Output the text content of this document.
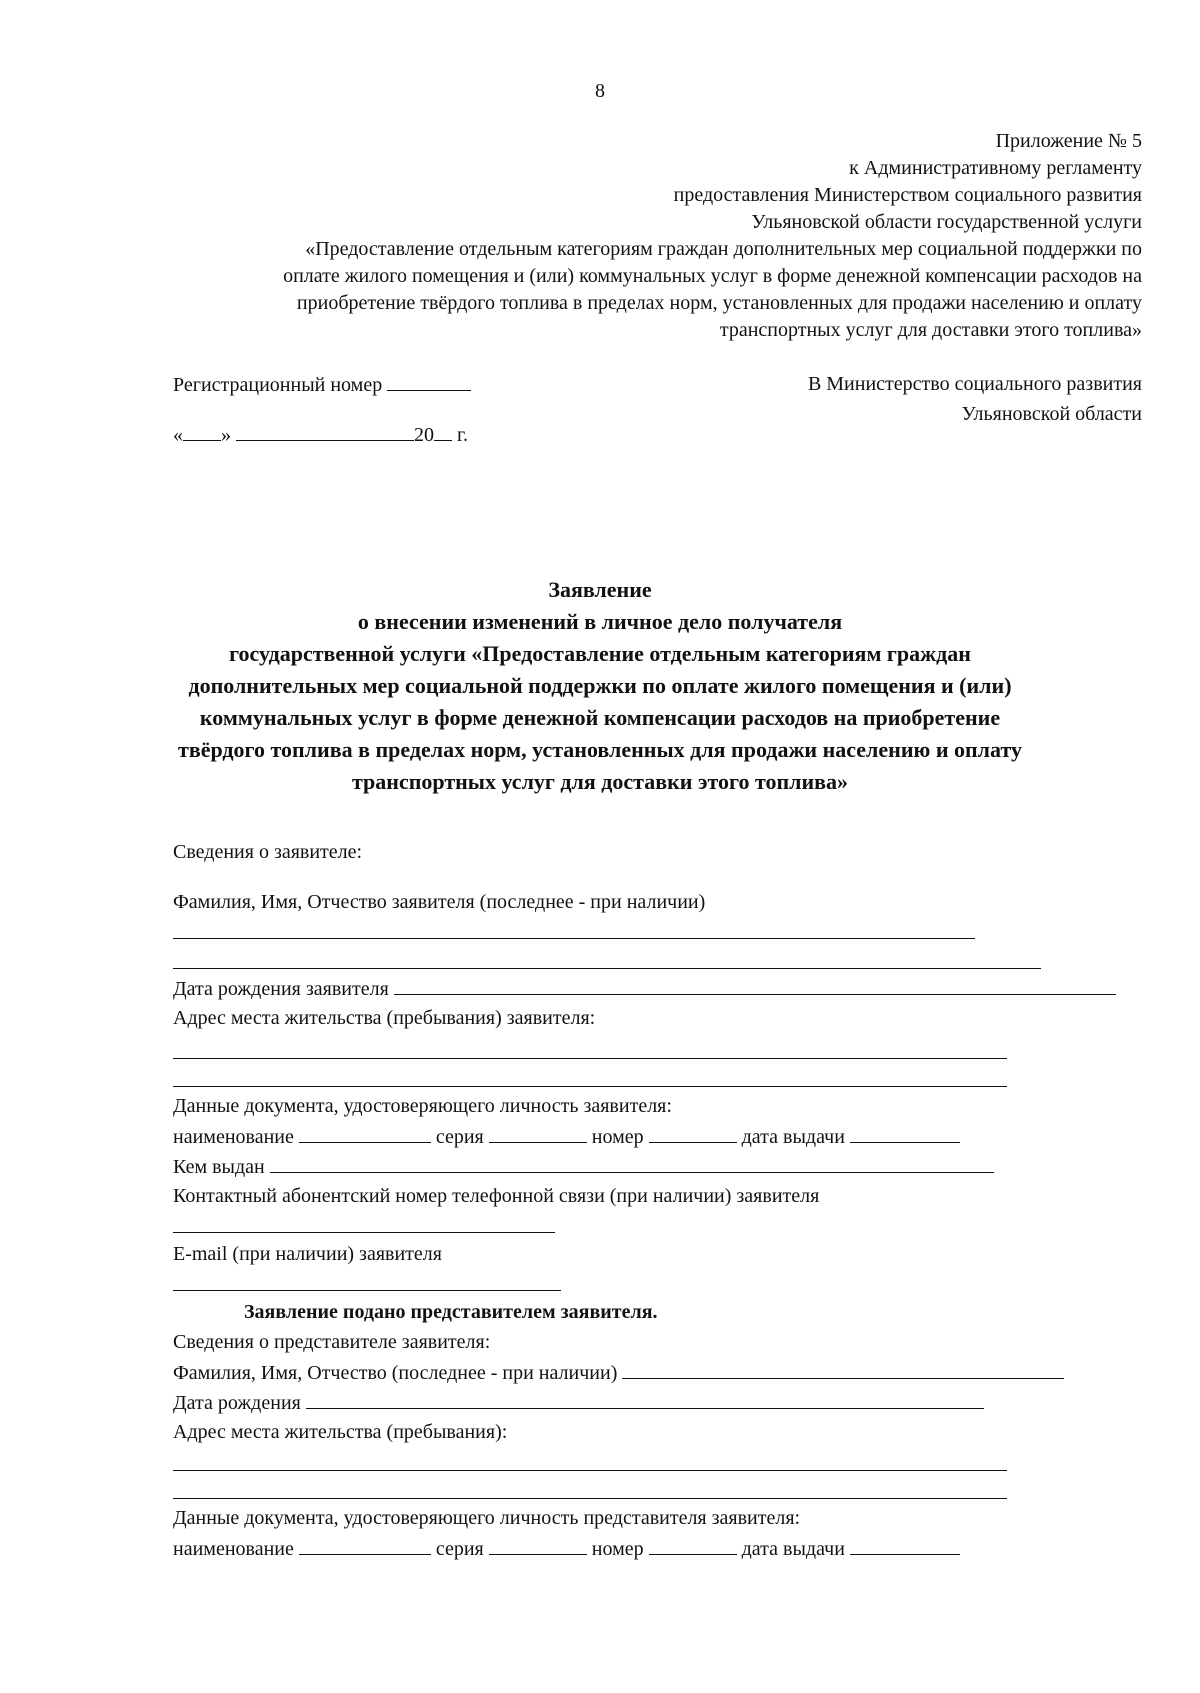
8
Приложение № 5
к Административному регламенту
предоставления Министерством социального развития
Ульяновской области государственной услуги
«Предоставление отдельным категориям граждан дополнительных мер социальной поддержки по
оплате жилого помещения и (или) коммунальных услуг в форме денежной компенсации расходов на
приобретение твёрдого топлива в пределах норм, установленных для продажи населению и оплату
транспортных услуг для доставки этого топлива»
Регистрационный номер
« »	20 г.
В Министерство социального развития
Ульяновской области
Заявление
о внесении изменений в личное дело получателя
государственной услуги «Предоставление отдельным категориям граждан
дополнительных мер социальной поддержки по оплате жилого помещения и (или)
коммунальных услуг в форме денежной компенсации расходов на приобретение
твёрдого топлива в пределах норм, установленных для продажи населению и оплату
транспортных услуг для доставки этого топлива»
Сведения о заявителе:
Фамилия, Имя, Отчество заявителя (последнее - при наличии)
Дата рождения заявителя
Адрес места жительства (пребывания) заявителя:
Данные документа, удостоверяющего личность заявителя:
наименование	серия	номер	дата выдачи
Кем выдан
Контактный абонентский номер телефонной связи (при наличии) заявителя
E-mail (при наличии) заявителя
Заявление подано представителем заявителя.
Сведения о представителе заявителя:
Фамилия, Имя, Отчество (последнее - при наличии)
Дата рождения
Адрес места жительства (пребывания):
Данные документа, удостоверяющего личность представителя заявителя:
наименование	серия	номер	дата выдачи
